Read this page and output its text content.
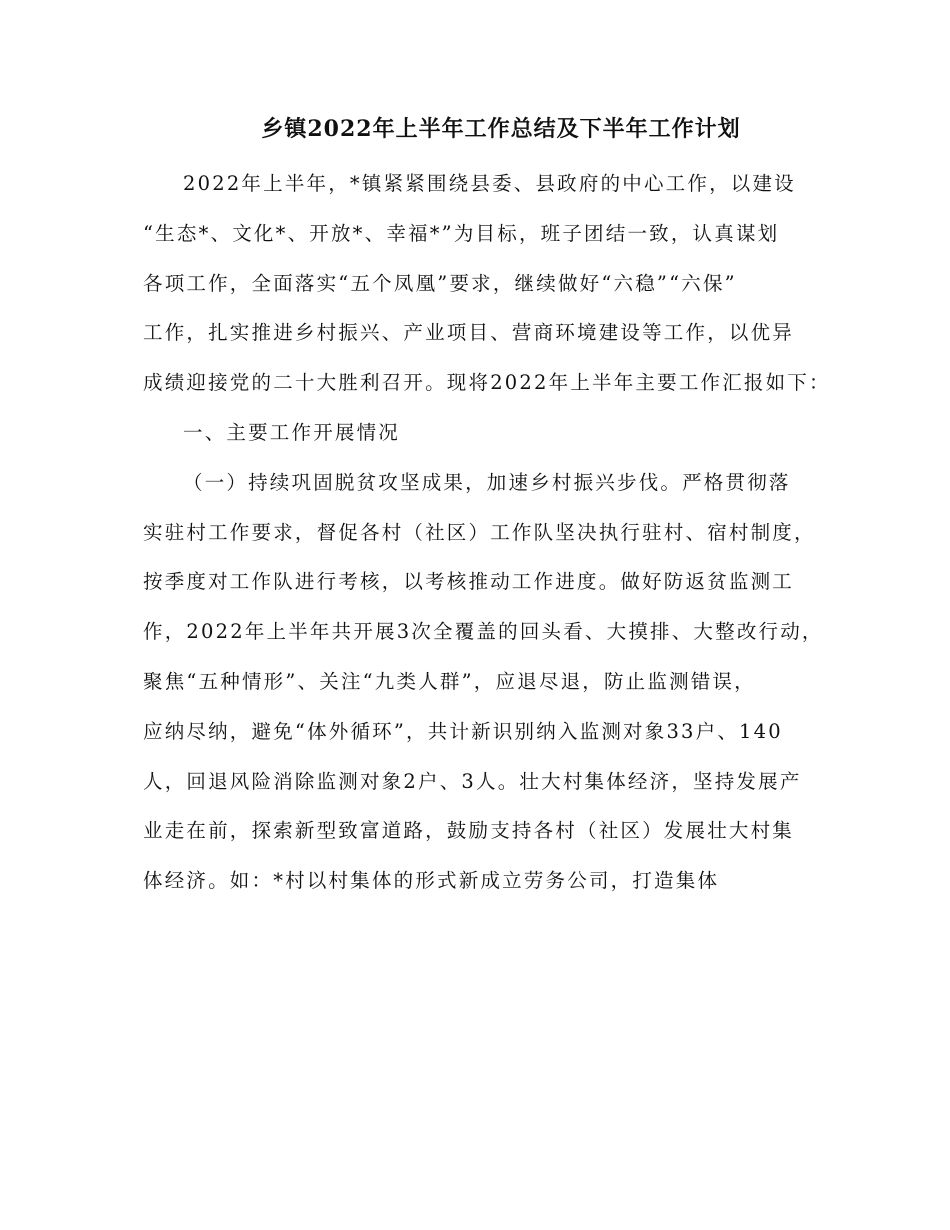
乡镇2022年上半年工作总结及下半年工作计划
2022年上半年，*镇紧紧围绕县委、县政府的中心工作，以建设
“生态*、文化*、开放*、幸福*”为目标，班子团结一致，认真谋划
各项工作，全面落实“五个凤凰”要求，继续做好“六稳”“六保”
工作，扎实推进乡村振兴、产业项目、营商环境建设等工作，以优异
成绩迎接党的二十大胜利召开。现将2022年上半年主要工作汇报如下：
一、主要工作开展情况
（一）持续巩固脱贫攻坚成果，加速乡村振兴步伐。严格贯彻落
实驻村工作要求，督促各村（社区）工作队坚决执行驻村、宿村制度，
按季度对工作队进行考核，以考核推动工作进度。做好防返贫监测工
作，2022年上半年共开展3次全覆盖的回头看、大摸排、大整改行动，
聚焦“五种情形”、关注“九类人群”，应退尽退，防止监测错误，
应纳尽纳，避免“体外循环”，共计新识别纳入监测对象33户、140
人，回退风险消除监测对象2户、3人。壮大村集体经济，坚持发展产
业走在前，探索新型致富道路，鼓励支持各村（社区）发展壮大村集
体经济。如：*村以村集体的形式新成立劳务公司，打造集体
